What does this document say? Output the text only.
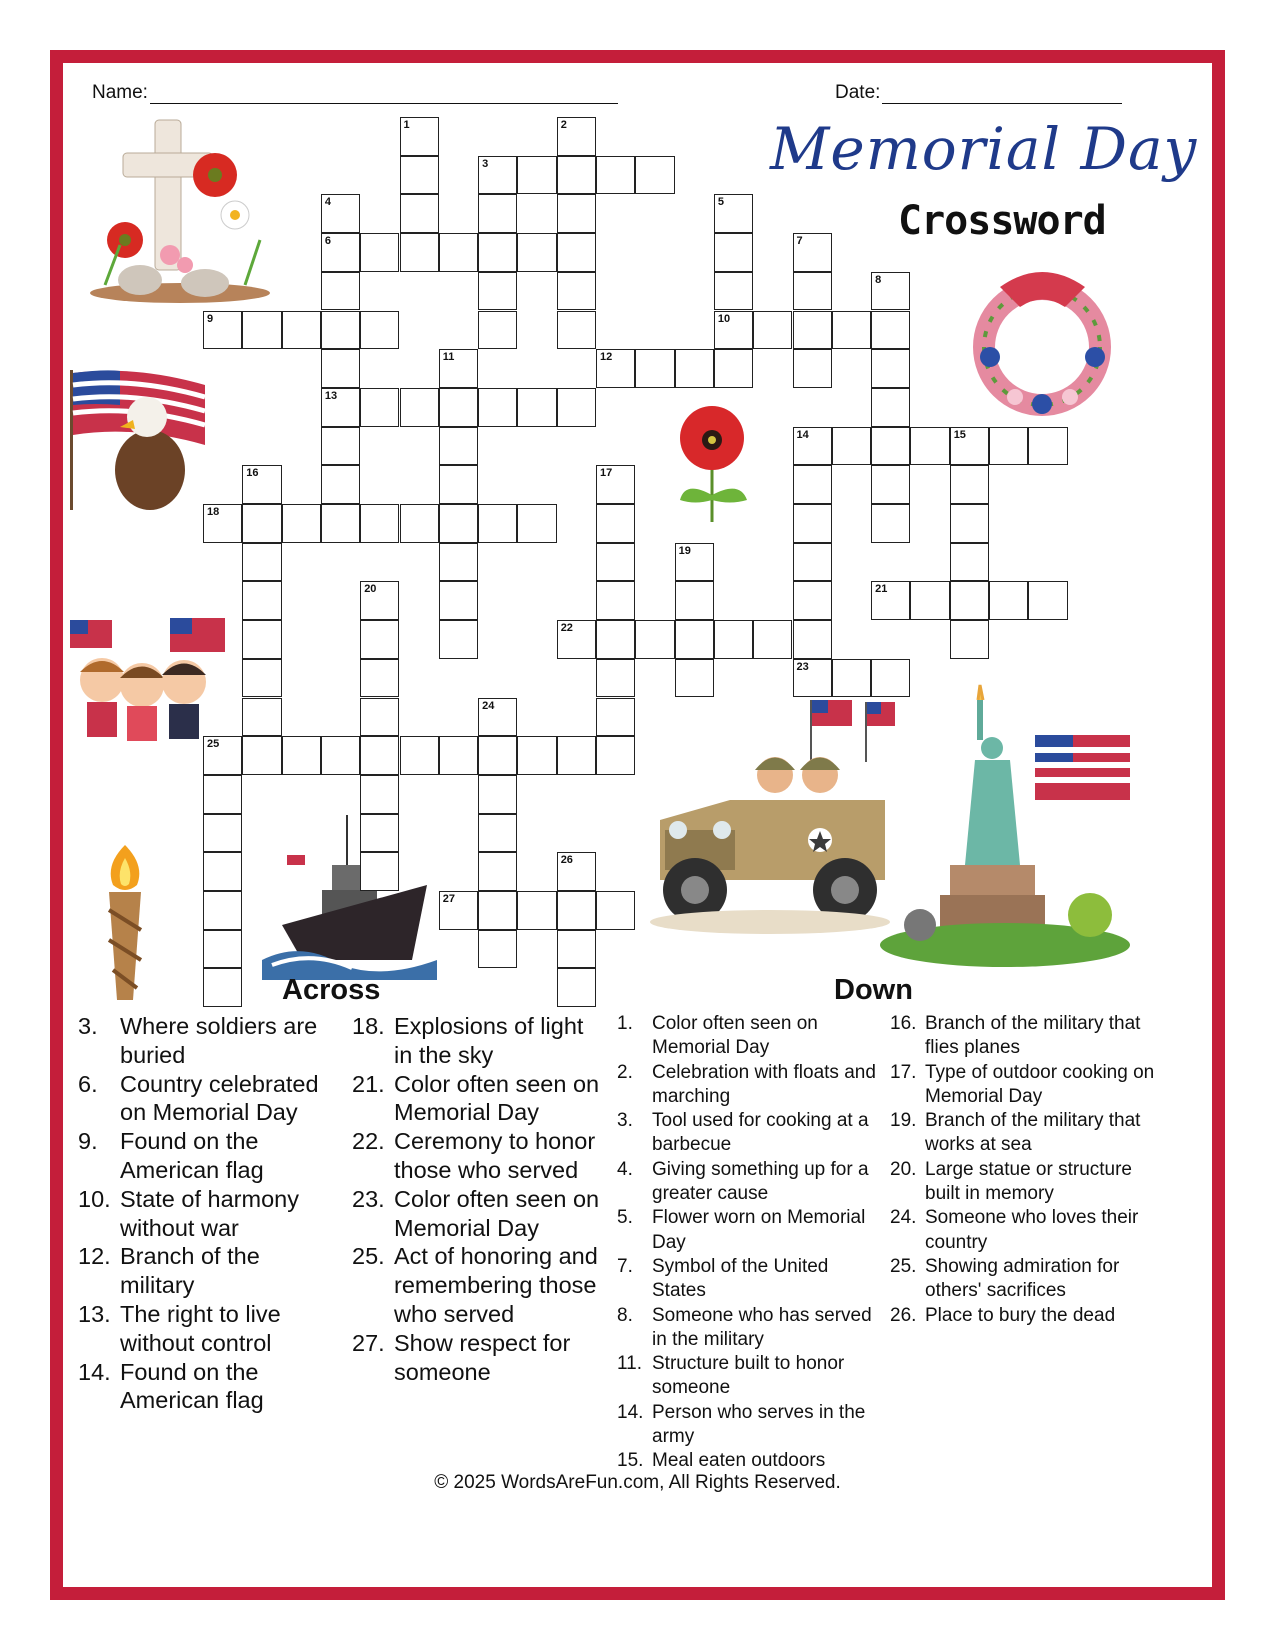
Name:	Date:
Memorial Day
Crossword
3
6
9	10
12
13
14	15
18
21
22
23
25
27
1	2
4	5
7
8
11
16	17
19
20
24
26
Across	Down
3. Where soldiers are buried
6. Country celebrated on Memorial Day
9. Found on the American flag
10. State of harmony without war
12. Branch of the military
13. The right to live without control
14. Found on the American flag
18. Explosions of light in the sky
21. Color often seen on Memorial Day
22. Ceremony to honor those who served
23. Color often seen on Memorial Day
25. Act of honoring and remembering those who served
27. Show respect for someone
1. Color often seen on Memorial Day
2. Celebration with floats and marching
3. Tool used for cooking at a barbecue
4. Giving something up for a greater cause
5. Flower worn on Memorial Day
7. Symbol of the United States
8. Someone who has served in the military
11. Structure built to honor someone
14. Person who serves in the army
15. Meal eaten outdoors
16. Branch of the military that flies planes
17. Type of outdoor cooking on Memorial Day
19. Branch of the military that works at sea
20. Large statue or structure built in memory
24. Someone who loves their country
25. Showing admiration for others' sacrifices
26. Place to bury the dead
© 2025 WordsAreFun.com, All Rights Reserved.
